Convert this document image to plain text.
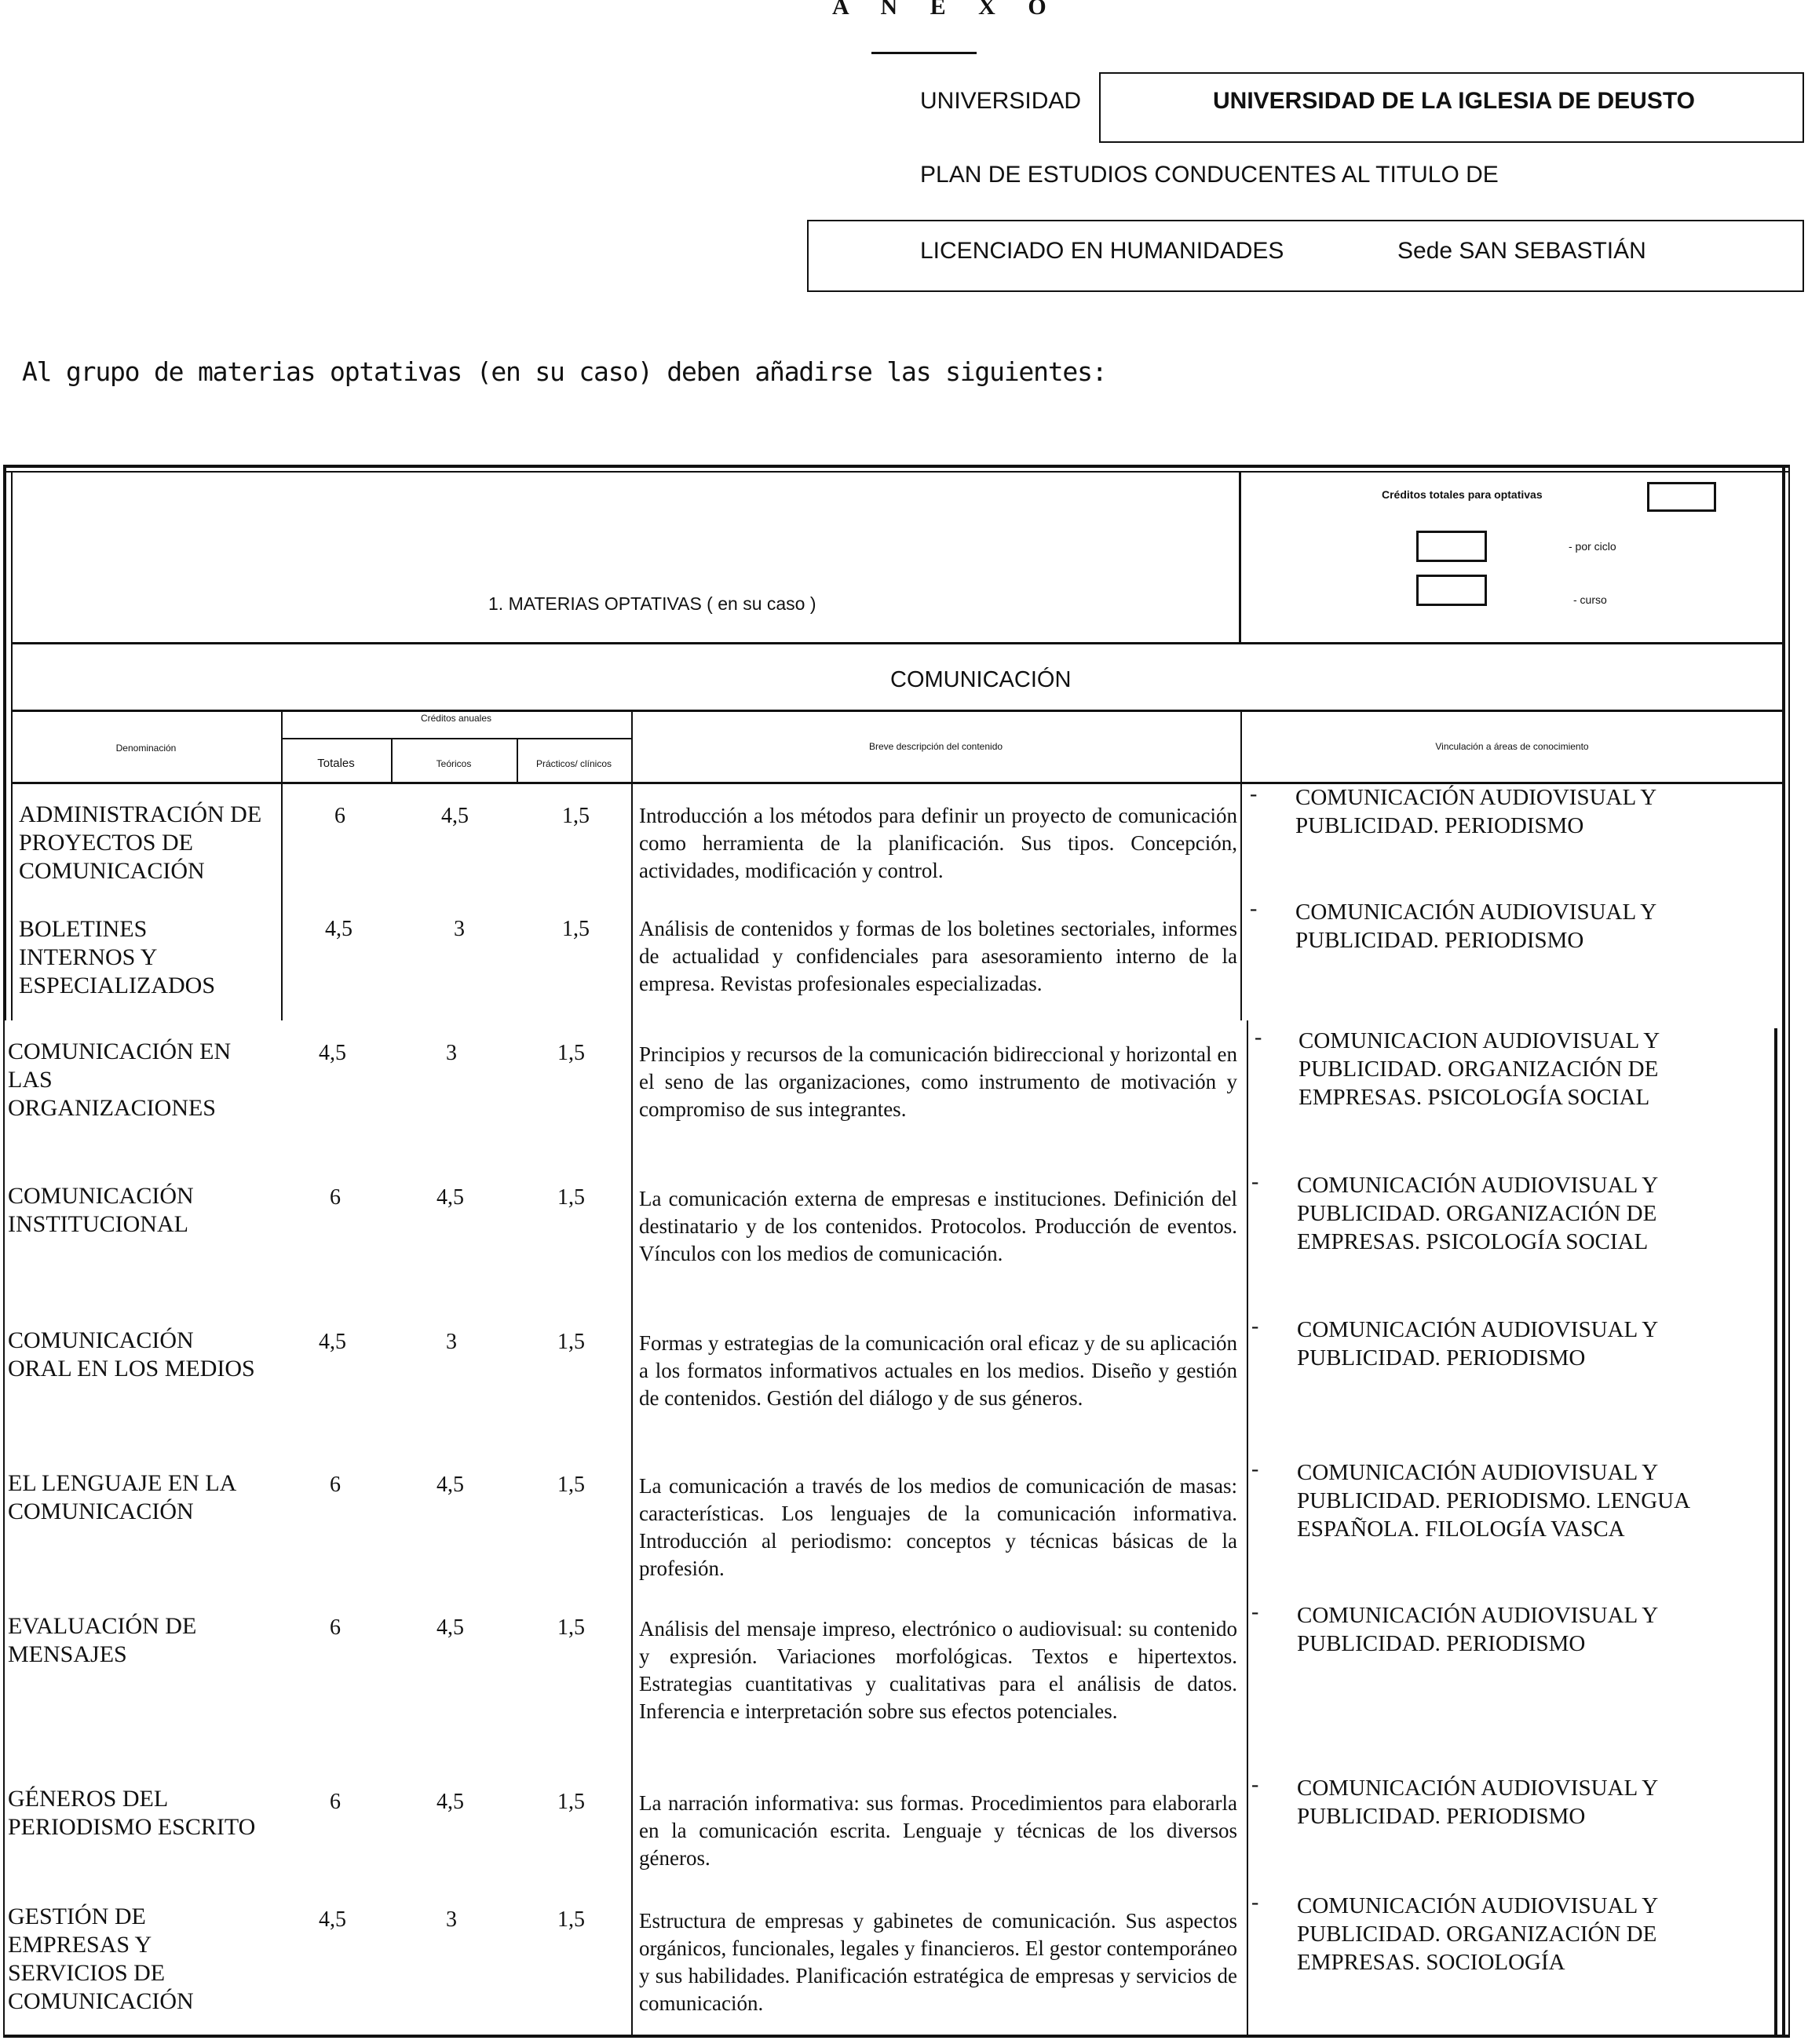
A N E X O
UNIVERSIDAD	UNIVERSIDAD DE LA IGLESIA DE DEUSTO
PLAN DE ESTUDIOS CONDUCENTES AL TITULO DE
LICENCIADO EN HUMANIDADES	Sede SAN SEBASTIÁN
Al grupo de materias optativas (en su caso) deben añadirse las siguientes:
1. MATERIAS OPTATIVAS ( en su caso )
Créditos totales para optativas
- por ciclo
- curso
COMUNICACIÓN
Denominación
Créditos anuales
Totales	Teóricos	Prácticos/ clínicos
Breve descripción del contenido	Vinculación a áreas de conocimiento
ADMINISTRACIÓN DE
PROYECTOS DE
COMUNICACIÓN
6	4,5	1,5 Introducción a los métodos para definir un proyecto de comunicación como herramienta de la planificación. Sus tipos. Concepción, actividades, modificación y control.
- COMUNICACIÓN AUDIOVISUAL Y
PUBLICIDAD. PERIODISMO
BOLETINES
INTERNOS Y
ESPECIALIZADOS
4,5	3	1,5 Análisis de contenidos y formas de los boletines sectoriales, informes de actualidad y confidenciales para asesoramiento interno de la empresa. Revistas profesionales especializadas.
- COMUNICACIÓN AUDIOVISUAL Y
PUBLICIDAD. PERIODISMO
COMUNICACIÓN EN
LAS
ORGANIZACIONES
4,5	3	1,5	Principios y recursos de la comunicación bidireccional y horizontal en el seno de las organizaciones, como instrumento de motivación y compromiso de sus integrantes.
- COMUNICACION AUDIOVISUAL Y
PUBLICIDAD. ORGANIZACIÓN DE
EMPRESAS. PSICOLOGÍA SOCIAL
COMUNICACIÓN
INSTITUCIONAL
6	4,5	1,5	La comunicación externa de empresas e instituciones. Definición del destinatario y de los contenidos. Protocolos. Producción de eventos. Vínculos con los medios de comunicación.
- COMUNICACIÓN AUDIOVISUAL Y
PUBLICIDAD. ORGANIZACIÓN DE
EMPRESAS. PSICOLOGÍA SOCIAL
COMUNICACIÓN
ORAL EN LOS MEDIOS
4,5	3	1,5	Formas y estrategias de la comunicación oral eficaz y de su aplicación a los formatos informativos actuales en los medios. Diseño y gestión de contenidos. Gestión del diálogo y de sus géneros.
- COMUNICACIÓN AUDIOVISUAL Y
PUBLICIDAD. PERIODISMO
EL LENGUAJE EN LA
COMUNICACIÓN
6	4,5	1,5	La comunicación a través de los medios de comunicación de masas: características. Los lenguajes de la comunicación informativa. Introducción al periodismo: conceptos y técnicas básicas de la profesión.
- COMUNICACIÓN AUDIOVISUAL Y
PUBLICIDAD. PERIODISMO. LENGUA
ESPAÑOLA. FILOLOGÍA VASCA
EVALUACIÓN DE
MENSAJES
6	4,5	1,5	Análisis del mensaje impreso, electrónico o audiovisual: su contenido y expresión. Variaciones morfológicas. Textos e hipertextos. Estrategias cuantitativas y cualitativas para el análisis de datos. Inferencia e interpretación sobre sus efectos potenciales.
- COMUNICACIÓN AUDIOVISUAL Y
PUBLICIDAD. PERIODISMO
GÉNEROS DEL
PERIODISMO ESCRITO
6	4,5	1,5	La narración informativa: sus formas. Procedimientos para elaborarla en la comunicación escrita. Lenguaje y técnicas de los diversos géneros.
- COMUNICACIÓN AUDIOVISUAL Y
PUBLICIDAD. PERIODISMO
GESTIÓN DE
EMPRESAS Y
SERVICIOS DE
COMUNICACIÓN
4,5	3	1,5	Estructura de empresas y gabinetes de comunicación. Sus aspectos orgánicos, funcionales, legales y financieros. El gestor contemporáneo y sus habilidades. Planificación estratégica de empresas y servicios de comunicación.
- COMUNICACIÓN AUDIOVISUAL Y
PUBLICIDAD. ORGANIZACIÓN DE
EMPRESAS. SOCIOLOGÍA
